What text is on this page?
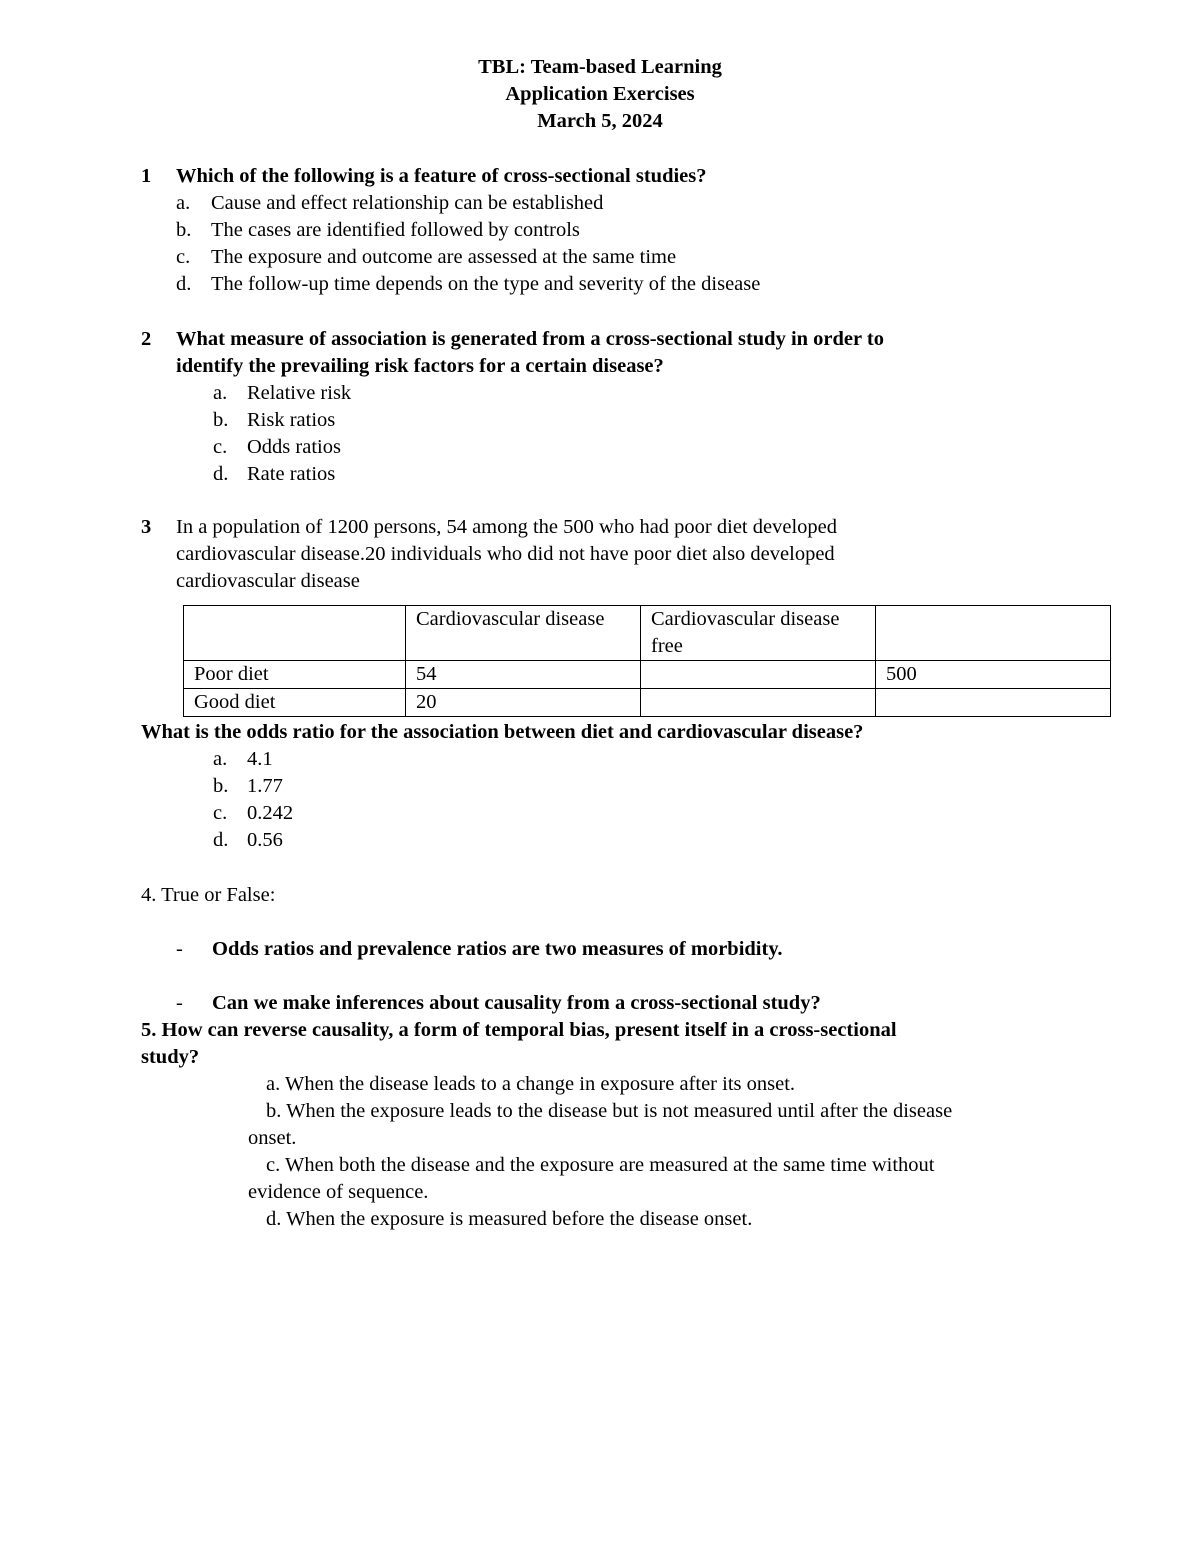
TBL: Team-based Learning
Application Exercises
March 5, 2024
1 Which of the following is a feature of cross-sectional studies?
a. Cause and effect relationship can be established
b. The cases are identified followed by controls
c. The exposure and outcome are assessed at the same time
d. The follow-up time depends on the type and severity of the disease
2 What measure of association is generated from a cross-sectional study in order to
identify the prevailing risk factors for a certain disease?
a. Relative risk
b. Risk ratios
c. Odds ratios
d. Rate ratios
3 In a population of 1200 persons, 54 among the 500 who had poor diet developed
cardiovascular disease.20 individuals who did not have poor diet also developed
cardiovascular disease
	Cardiovascular disease	Cardiovascular disease free	
Poor diet	54		500
Good diet	20		
What is the odds ratio for the association between diet and cardiovascular disease?
a. 4.1
b. 1.77
c. 0.242
d. 0.56
4. True or False:
- Odds ratios and prevalence ratios are two measures of morbidity.
- Can we make inferences about causality from a cross-sectional study?
5. How can reverse causality, a form of temporal bias, present itself in a cross-sectional
study?
a. When the disease leads to a change in exposure after its onset.
b. When the exposure leads to the disease but is not measured until after the disease
onset.
c. When both the disease and the exposure are measured at the same time without
evidence of sequence.
d. When the exposure is measured before the disease onset.
